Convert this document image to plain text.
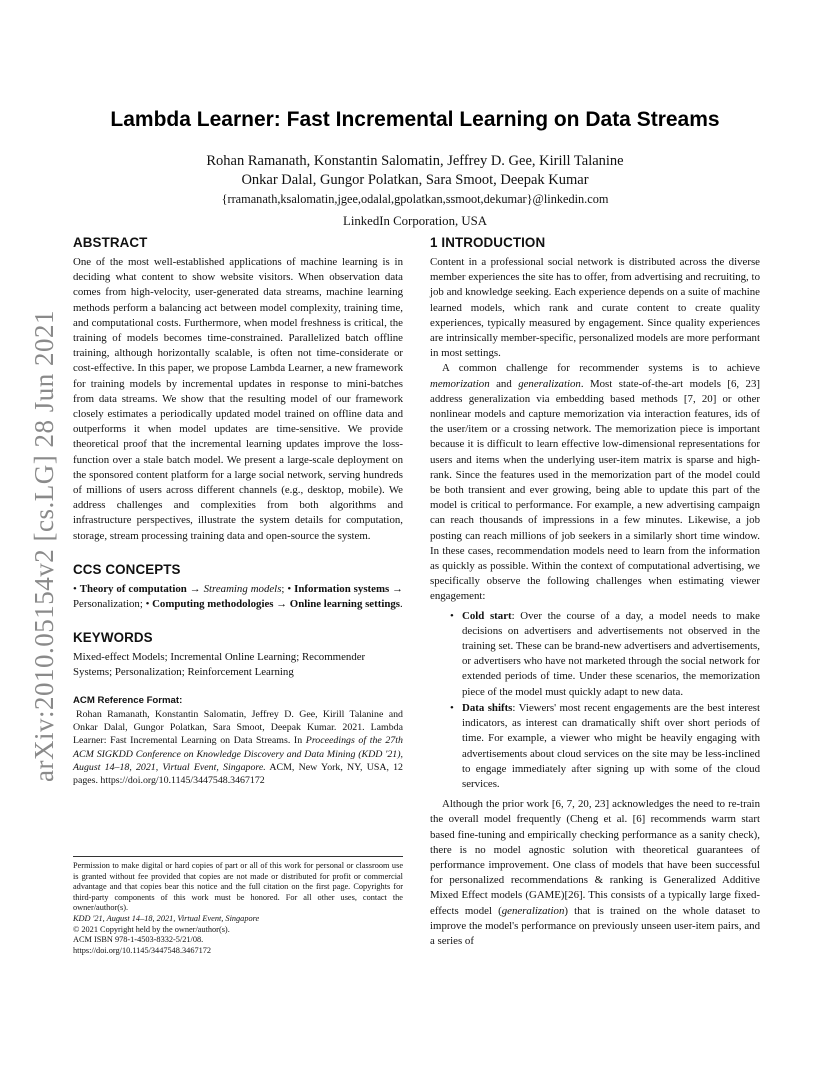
arXiv:2010.05154v2 [cs.LG] 28 Jun 2021
Lambda Learner: Fast Incremental Learning on Data Streams
Rohan Ramanath, Konstantin Salomatin, Jeffrey D. Gee, Kirill Talanine
Onkar Dalal, Gungor Polatkan, Sara Smoot, Deepak Kumar
{rramanath,ksalomatin,jgee,odalal,gpolatkan,ssmoot,dekumar}@linkedin.com
LinkedIn Corporation, USA
ABSTRACT

One of the most well-established applications of machine learning is in deciding what content to show website visitors. When observation data comes from high-velocity, user-generated data streams, machine learning methods perform a balancing act between model complexity, training time, and computational costs. Furthermore, when model freshness is critical, the training of models becomes time-constrained. Parallelized batch offline training, although horizontally scalable, is often not time-considerate or cost-effective. In this paper, we propose Lambda Learner, a new framework for training models by incremental updates in response to mini-batches from data streams. We show that the resulting model of our framework closely estimates a periodically updated model trained on offline data and outperforms it when model updates are time-sensitive. We provide theoretical proof that the incremental learning updates improve the loss-function over a stale batch model. We present a large-scale deployment on the sponsored content platform for a large social network, serving hundreds of millions of users across different channels (e.g., desktop, mobile). We address challenges and complexities from both algorithms and infrastructure perspectives, illustrate the system details for computation, storage, stream processing training data and open-source the system.

CCS CONCEPTS

• Theory of computation → Streaming models; • Information systems → Personalization; • Computing methodologies → Online learning settings.

KEYWORDS

Mixed-effect Models; Incremental Online Learning; Recommender Systems; Personalization; Reinforcement Learning

ACM Reference Format:

Rohan Ramanath, Konstantin Salomatin, Jeffrey D. Gee, Kirill Talanine and Onkar Dalal, Gungor Polatkan, Sara Smoot, Deepak Kumar. 2021. Lambda Learner: Fast Incremental Learning on Data Streams. In Proceedings of the 27th ACM SIGKDD Conference on Knowledge Discovery and Data Mining (KDD '21), August 14–18, 2021, Virtual Event, Singapore. ACM, New York, NY, USA, 12 pages. https://doi.org/10.1145/3447548.3467172

Permission to make digital or hard copies of part or all of this work for personal or classroom use is granted without fee provided that copies are not made or distributed for profit or commercial advantage and that copies bear this notice and the full citation on the first page. Copyrights for third-party components of this work must be honored. For all other uses, contact the owner/author(s).
KDD '21, August 14–18, 2021, Virtual Event, Singapore
© 2021 Copyright held by the owner/author(s).
ACM ISBN 978-1-4503-8332-5/21/08.
https://doi.org/10.1145/3447548.3467172
1 INTRODUCTION

Content in a professional social network is distributed across the diverse member experiences the site has to offer, from advertising and recruiting, to job and knowledge seeking. Each experience depends on a suite of machine learned models, which rank and curate content to create quality experiences, typically measured by engagement. Since quality experiences are intrinsically member-specific, personalized models are more performant in most settings.

A common challenge for recommender systems is to achieve memorization and generalization. Most state-of-the-art models [6, 23] address generalization via embedding based methods [7, 20] or other nonlinear models and capture memorization via interaction features, ids of the user/item or a crossing network. The memorization piece is important because it is difficult to learn effective low-dimensional representations for users and items when the underlying user-item matrix is sparse and high-rank. Since the features used in the memorization part of the model could be both transient and ever growing, being able to update this part of the model is critical to performance. For example, a new advertising campaign can reach thousands of impressions in a few minutes. Likewise, a job posting can reach millions of job seekers in a similarly short time window. In these cases, recommendation models need to learn from the information as quickly as possible. Within the context of computational advertising, we specifically observe the following challenges when estimating viewer engagement:

• Cold start: Over the course of a day, a model needs to make decisions on advertisers and advertisements not observed in the training set. These can be brand-new advertisers and advertisements, or advertisers who have not marketed through the social network for extended periods of time. Under these scenarios, the memorization piece of the model must quickly adapt to new data.
• Data shifts: Viewers' most recent engagements are the best interest indicators, as interest can dramatically shift over short periods of time. For example, a viewer who might be heavily engaging with advertisements about cloud services on the site may be less-inclined to engage immediately after signing up with some of the cloud services.

Although the prior work [6, 7, 20, 23] acknowledges the need to re-train the overall model frequently (Cheng et al. [6] recommends warm start based fine-tuning and empirically checking performance as a sanity check), there is no model agnostic solution with theoretical guarantees of performance improvement. One class of models that have been successful for personalized recommendations & ranking is Generalized Additive Mixed Effect models (GAME)[26]. This consists of a typically large fixed-effects model (generalization) that is trained on the whole dataset to improve the model's performance on previously unseen user-item pairs, and a series of
